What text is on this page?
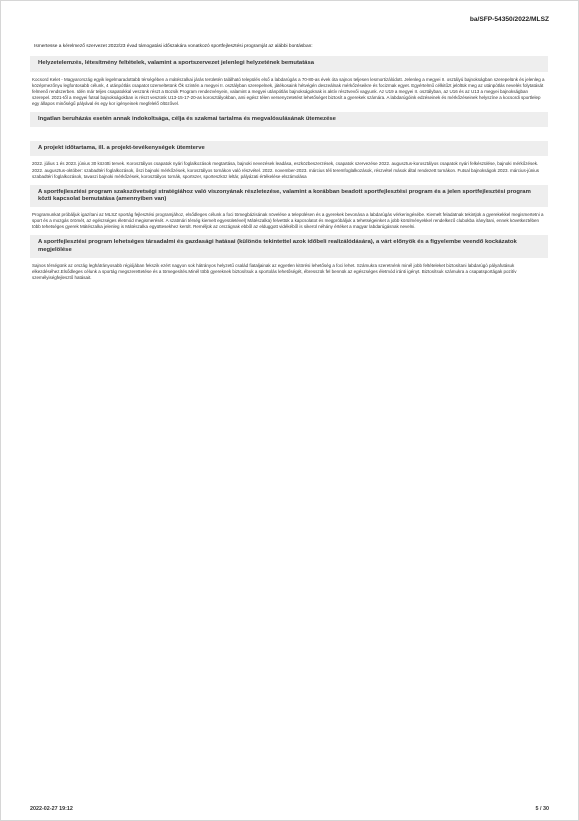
ba/SFP-54350/2022/MLSZ
Ismertesse a kérelmező szervezet 2022/23 évad támogatási időszakára vonatkozó sportfejlesztési programját az alábbi bontásban:
Helyzetelemzés, létesítmény feltételek, valamint a sportszervezet jelenlegi helyzetének bemutatása
Kocsord Kelet - Magyarország egyik legelmaradottabb térségében a mátészalkai járás területén található település első a labdarúgás a 70-80-as évek óta sajnos teljesen lesmortizálódott. Jelenleg a megyei II. osztályú bajnokságban szerepelünk és jelenleg a középmezőnyu legfontosabb célunk, 4 utánpótlás csapatot üzemeltetünk Ők szintén a megyei II. osztályban szerepelnek, játékosaink hétvégén deszeálnak mérkőzéseikre és focizmak egyet. Egyértelmű célkitűzt jelöltük meg az utánpótlás nevelés folytatását felmenő rendszerben. Idén már teljes csapatokkal veszünk részt a Bozsik Program rendezvényein, valamint a megyei utánpótlás bajnokságoknak is aktív résztvevői vagyunk. Az U19 a megyei II. osztályban, az U16 és az U13 a megyei bajnokságban szerepel. 2021-től a megyei futsal bajnokságokban is részt veszünk U13-15-17-20-as korosztályokban, ami egész télen versenyzetetést lehetőséget biztosít a gyerekek számára. A labdarúgóink edzéseinek és mérkőzéseinek helyszíne a kocsordi sportlelep egy állapos minőségű pályával és egy kor igényeinek megfelelő öltözővel.
Ingatlan beruházás esetén annak indokoltsága, célja és szakmai tartalma és megvalósulásának ütemezése
A projekt időtartama, ill. a projekt-tevékenységek ütemterve
2022. július 1 és 2023. június 30 közötti tervek. Korosztályos csapatok nyári foglalkozások megtartása, bajnoki nevezések leadása, eszközbeszerzések, csapatok szervezése 2022. augusztus-korosztályos csapatok nyári felkészülése, bajnoki mérkőzések. 2022. augusztus-október: szabadtéri foglalkozások, őszi bajnoki mérkőzések, korosztályos tornákon való részvétel. 2022. november-2023. március téli teremfoglalkozások, részvétel mások által rendezett tornákon. Futsal bajnokságok 2023. március-június szabadtéri foglalkozások, tavaszi bajnoki mérkőzések, korosztályos tornák, sportszer, sporteszköz leltár, pályázati értékelése elszámolása
A sportfejlesztési program szakszövetségi stratégiához való viszonyának részletezése, valamint a korábban beadott sportfejlesztési program és a jelen sportfejlesztési program közti kapcsolat bemutatása (amennyiben van)
Programunkat próbáljuk igazítani az MLSZ sportág fejlesztési programjához, elsődleges célunk a foci tömegbázisának növelése a településen és a gyerekek bevonása a labdarúgás vérkeringésébe. Kiemelt feladatnak tekintjük a gyerekekkel megismertetni a sport és a mozgás örömét, az egészséges életmód megismerését. A szatmári térség kiemelt egyesületével( Mátészalka) felvettük a kapcsolatot és megpróbáljuk a tehetségeinket a jobb körülményekkel rendelkező clubokba irányítani, ennek következtében több tehetséges gyerek Mátészalka jelenleg is Mátészalka együttesekhez került. Reméljük az országnak ebből az elduggott vidékéből is sikerül néhány értéket a magyar labdarúgásnak nevelni.
A sportfejlesztési program lehetséges társadalmi és gazdasági hatásai (különös tekintettel azok időbeli realizálódására), a várt előnyök és a figyelembe veendő kockázatok megjelölése
Sajnos térségünk az ország leghátrányosabb régiójában fekszik ezért nagyon sok hátrányos helyzetű család fiataljainak az egyetlen kitörési lehetőség a foci lehet. Számukra szeretnénk minél jobb feltételeket biztosítani labdarúgó pályafutásuk elkezdéséhez.Elsődleges célunk a sportág megszerettetése és a tömegesítés.Minél több gyereknek biztosítsuk a sportolás lehetőségét, ébresszük fel bennük az egészséges életmód iránti igényt. Biztosítsuk számukra a csapatsportágak pozitív személyiségfejlesztő hatásait.
2022-02-27 19:12	5 / 30
